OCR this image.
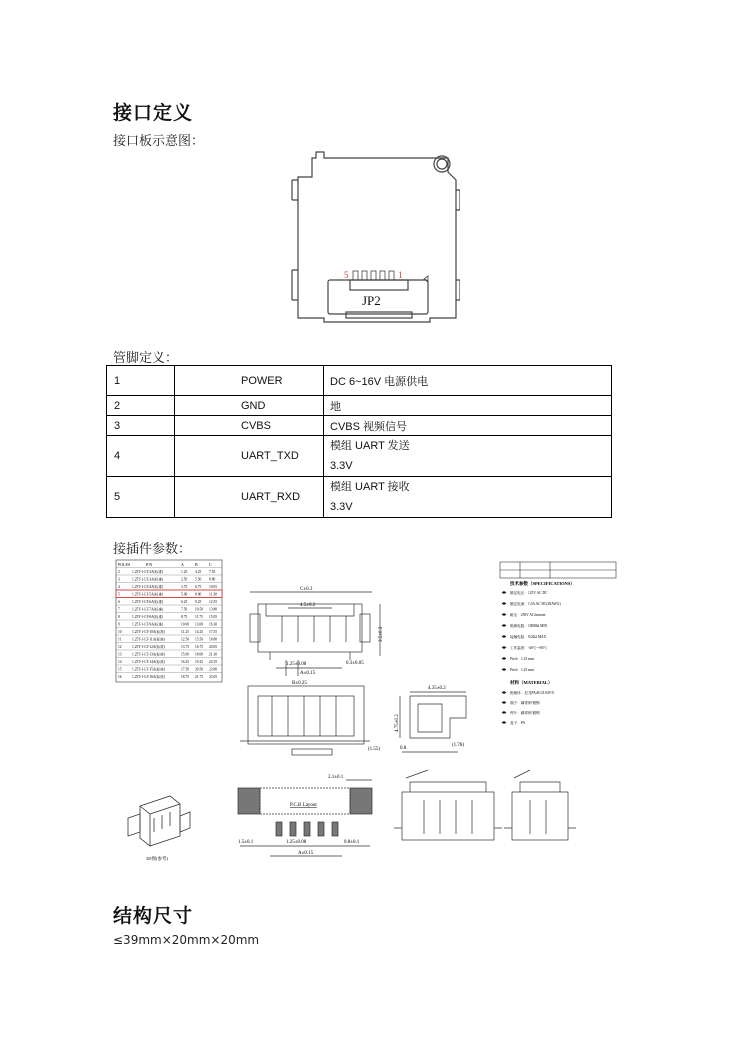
接口定义
接口板示意图：
5	1
JP2
管脚定义：
1	POWER	DC 6~16V 电源供电
2	GND	地
3	CVBS	CVBS 视频信号
4	UART_TXD	模组 UART 发送
3.3V

5	UART_RXD	模组 UART 接收
3.3V
接插件参数：
POLES	P/N	A	B	C
2	1.25T-1-LT-2A(标准)	1.25 4.25 7.55
3	1.25T-1-LT-3A(标准)	2.50 5.50 8.80
4	1.25T-1-LT-4A(标准)	3.75 6.75 10.05
5	1.25T-1-LT-5A(标准)	5.00 8.00 11.30
6	1.25T-1-LT-6A(标准)	6.25 9.25 12.55
7	1.25T-1-LT-7A(标准)	7.50 10.50 13.80
8	1.25T-1-LT-8A(标准)	8.75 11.75 15.05
9	1.25T-1-LT-9A(标准)	10.00 13.00 16.30
10	1.25T-1-LT-10A(标准)	11.25 14.25 17.55
11	1.25T-1-LT-11A(标准)	12.50 15.50 18.80
12	1.25T-1-LT-12A(标准)	13.75 16.75 20.05
13	1.25T-1-LT-13A(标准)	15.00 18.00 21.30
14	1.25T-1-LT-14A(标准)	16.25 19.25 22.55
15	1.25T-1-LT-15A(标准)	17.50 20.50 23.80
16	1.25T-1-LT-16A(标准)	18.75 21.75 25.05
C±0.3
4.5±0.2
1.25±0.08
A±0.15
0.3±0.05
3.5±0.3
B±0.25
(1.55)
4.35±0.2
4.75±0.2
0.8
(1.78)
技术参数（SPECIFICATIONS）
额定电压：125V AC DC
额定电流：1.0A AC DC(28AWG)
耐压：250V AC/minute
绝缘电阻：100MΩ MIN
接触电阻：0.02Ω MAX
工作温度：-40℃~+85℃
Pitch：1.25 mm
Pitch：1.25 mm
材料（MATERIAL）
绝缘体：尼龙PA46 UL94V-0
端子：磷青铜 镀锡
焊片：磷青铜 镀锡
盖子：PA
P.C.B Layout
2.1±0.1
1.5±0.1	1.25±0.08	0.8±0.1
A±0.15
3D图(参考)
结构尺寸
≤39mm×20mm×20mm
